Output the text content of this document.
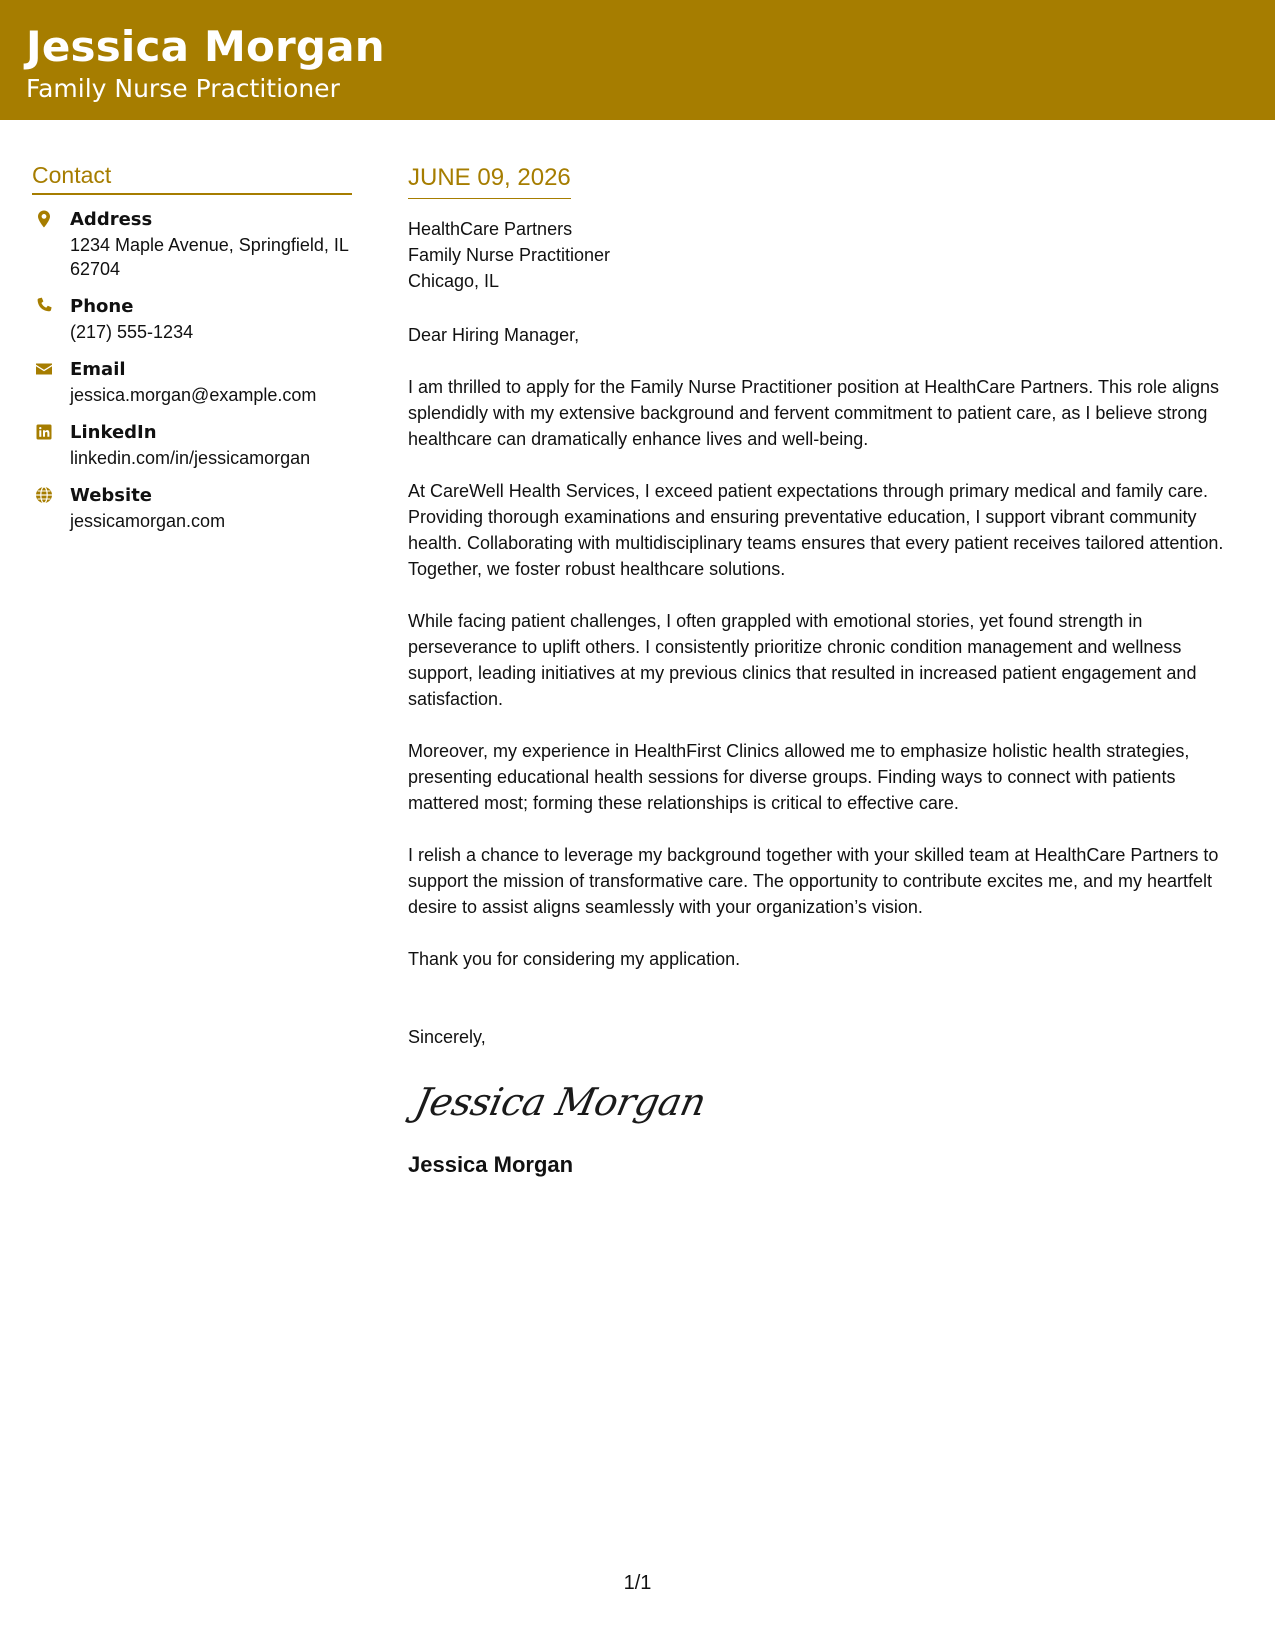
Jessica Morgan
Family Nurse Practitioner
Contact
Address
1234 Maple Avenue, Springfield, IL 62704
Phone
(217) 555-1234
Email
jessica.morgan@example.com
LinkedIn
linkedin.com/in/jessicamorgan
Website
jessicamorgan.com
JUNE 09, 2026
HealthCare Partners
Family Nurse Practitioner
Chicago, IL
Dear Hiring Manager,
I am thrilled to apply for the Family Nurse Practitioner position at HealthCare Partners. This role aligns splendidly with my extensive background and fervent commitment to patient care, as I believe strong healthcare can dramatically enhance lives and well-being.
At CareWell Health Services, I exceed patient expectations through primary medical and family care. Providing thorough examinations and ensuring preventative education, I support vibrant community health. Collaborating with multidisciplinary teams ensures that every patient receives tailored attention. Together, we foster robust healthcare solutions.
While facing patient challenges, I often grappled with emotional stories, yet found strength in perseverance to uplift others. I consistently prioritize chronic condition management and wellness support, leading initiatives at my previous clinics that resulted in increased patient engagement and satisfaction.
Moreover, my experience in HealthFirst Clinics allowed me to emphasize holistic health strategies, presenting educational health sessions for diverse groups. Finding ways to connect with patients mattered most; forming these relationships is critical to effective care.
I relish a chance to leverage my background together with your skilled team at HealthCare Partners to support the mission of transformative care. The opportunity to contribute excites me, and my heartfelt desire to assist aligns seamlessly with your organization’s vision.
Thank you for considering my application.
Sincerely,
Jessica Morgan
Jessica Morgan
1/1
